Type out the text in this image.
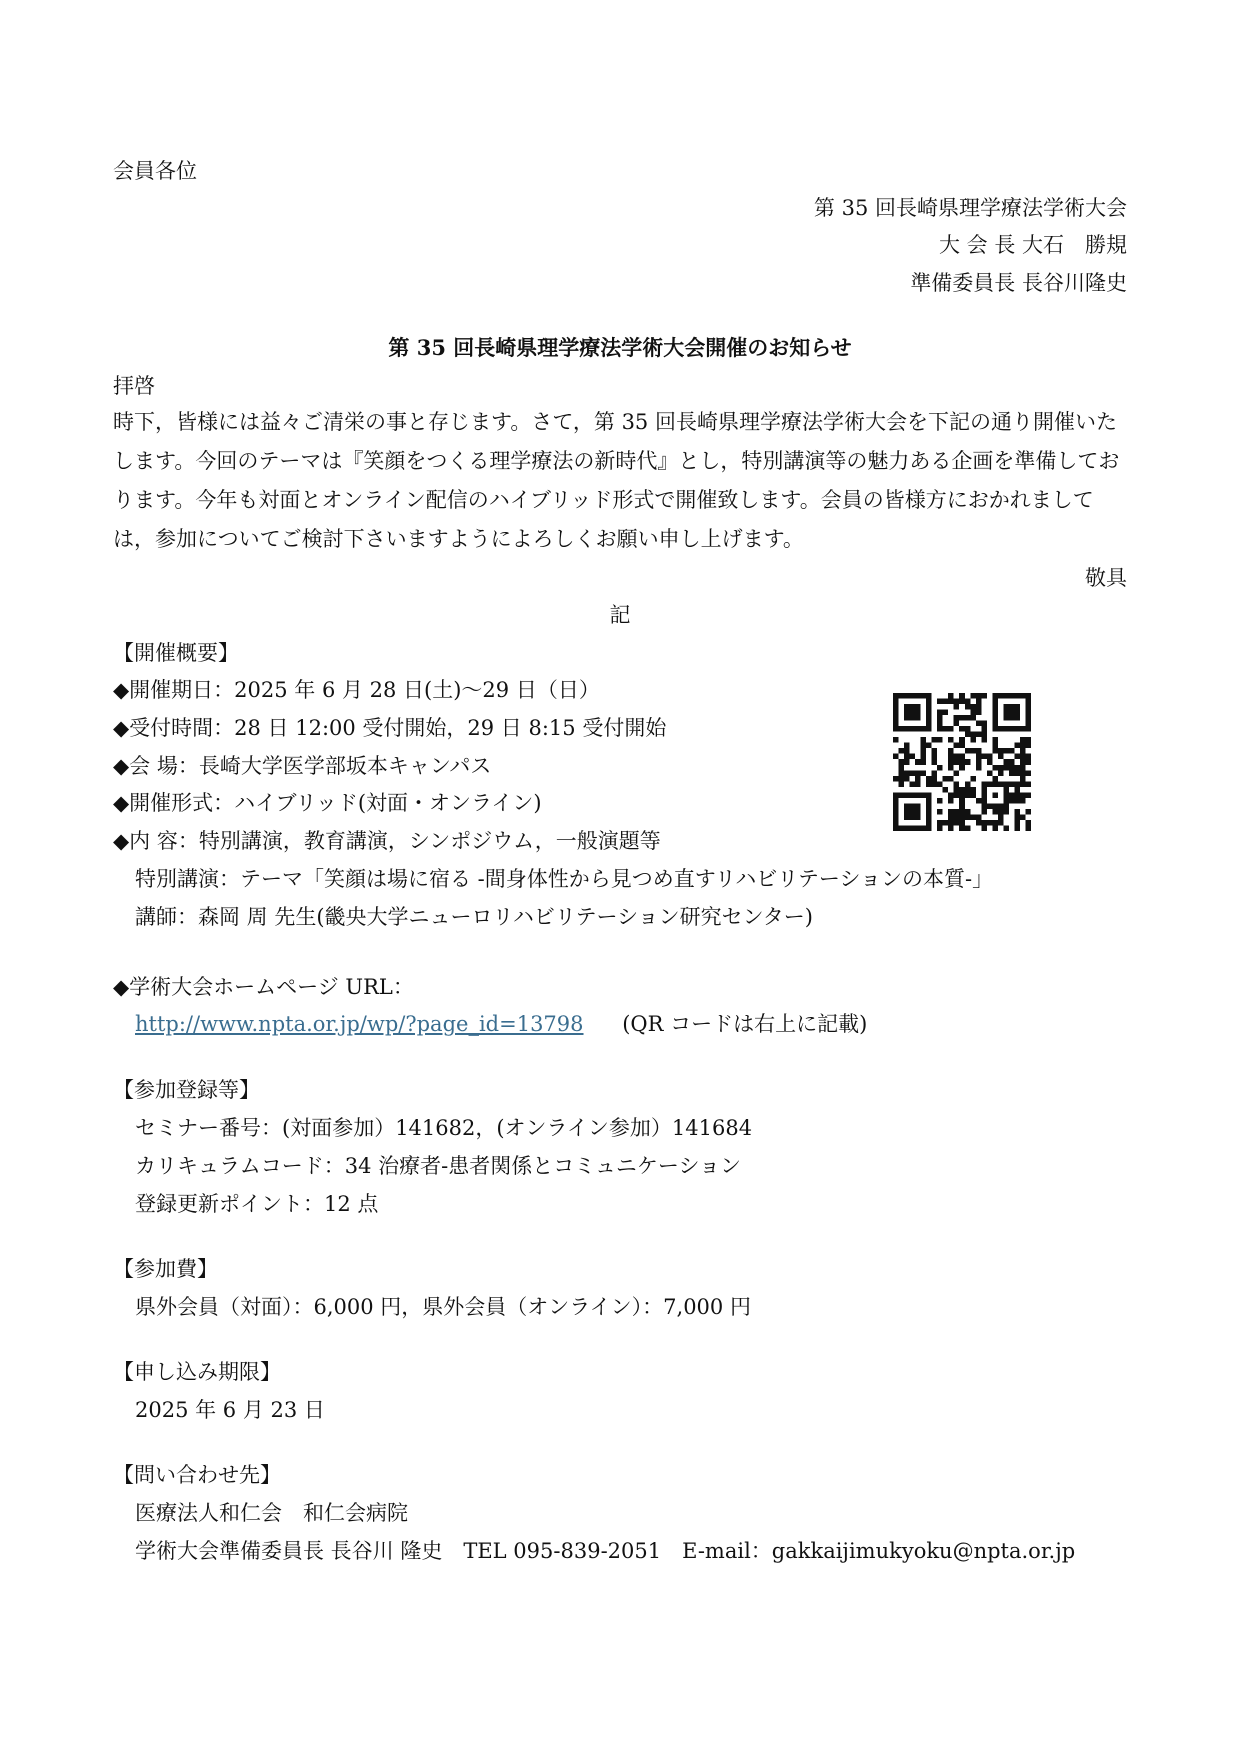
会員各位
第 35 回長崎県理学療法学術大会
大 会 長 大石　勝規
準備委員長 長谷川隆史
第 35 回長崎県理学療法学術大会開催のお知らせ
拝啓
時下，皆様には益々ご清栄の事と存じます。さて，第 35 回長崎県理学療法学術大会を下記の通り開催いたします。今回のテーマは『笑顔をつくる理学療法の新時代』とし，特別講演等の魅力ある企画を準備しております。今年も対面とオンライン配信のハイブリッド形式で開催致します。会員の皆様方におかれましては，参加についてご検討下さいますようによろしくお願い申し上げます。
敬具
記
【開催概要】
◆開催期日：2025 年 6 月 28 日(土)～29 日（日）
◆受付時間：28 日 12:00 受付開始，29 日 8:15 受付開始
◆会 場：長崎大学医学部坂本キャンパス
◆開催形式：ハイブリッド(対面・オンライン)
◆内 容：特別講演，教育講演，シンポジウム，一般演題等
特別講演：テーマ「笑顔は場に宿る -間身体性から見つめ直すリハビリテーションの本質-」
講師：森岡 周 先生(畿央大学ニューロリハビリテーション研究センター)
◆学術大会ホームページ URL：
http://www.npta.or.jp/wp/?page_id=13798 (QR コードは右上に記載)
【参加登録等】
セミナー番号：(対面参加）141682，(オンライン参加）141684
カリキュラムコード：34 治療者-患者関係とコミュニケーション
登録更新ポイント：12 点
【参加費】
県外会員（対面）：6,000 円，県外会員（オンライン）：7,000 円
【申し込み期限】
2025 年 6 月 23 日
【問い合わせ先】
医療法人和仁会　和仁会病院
学術大会準備委員長 長谷川 隆史　TEL 095-839-2051　E-mail：gakkaijimukyoku@npta.or.jp
